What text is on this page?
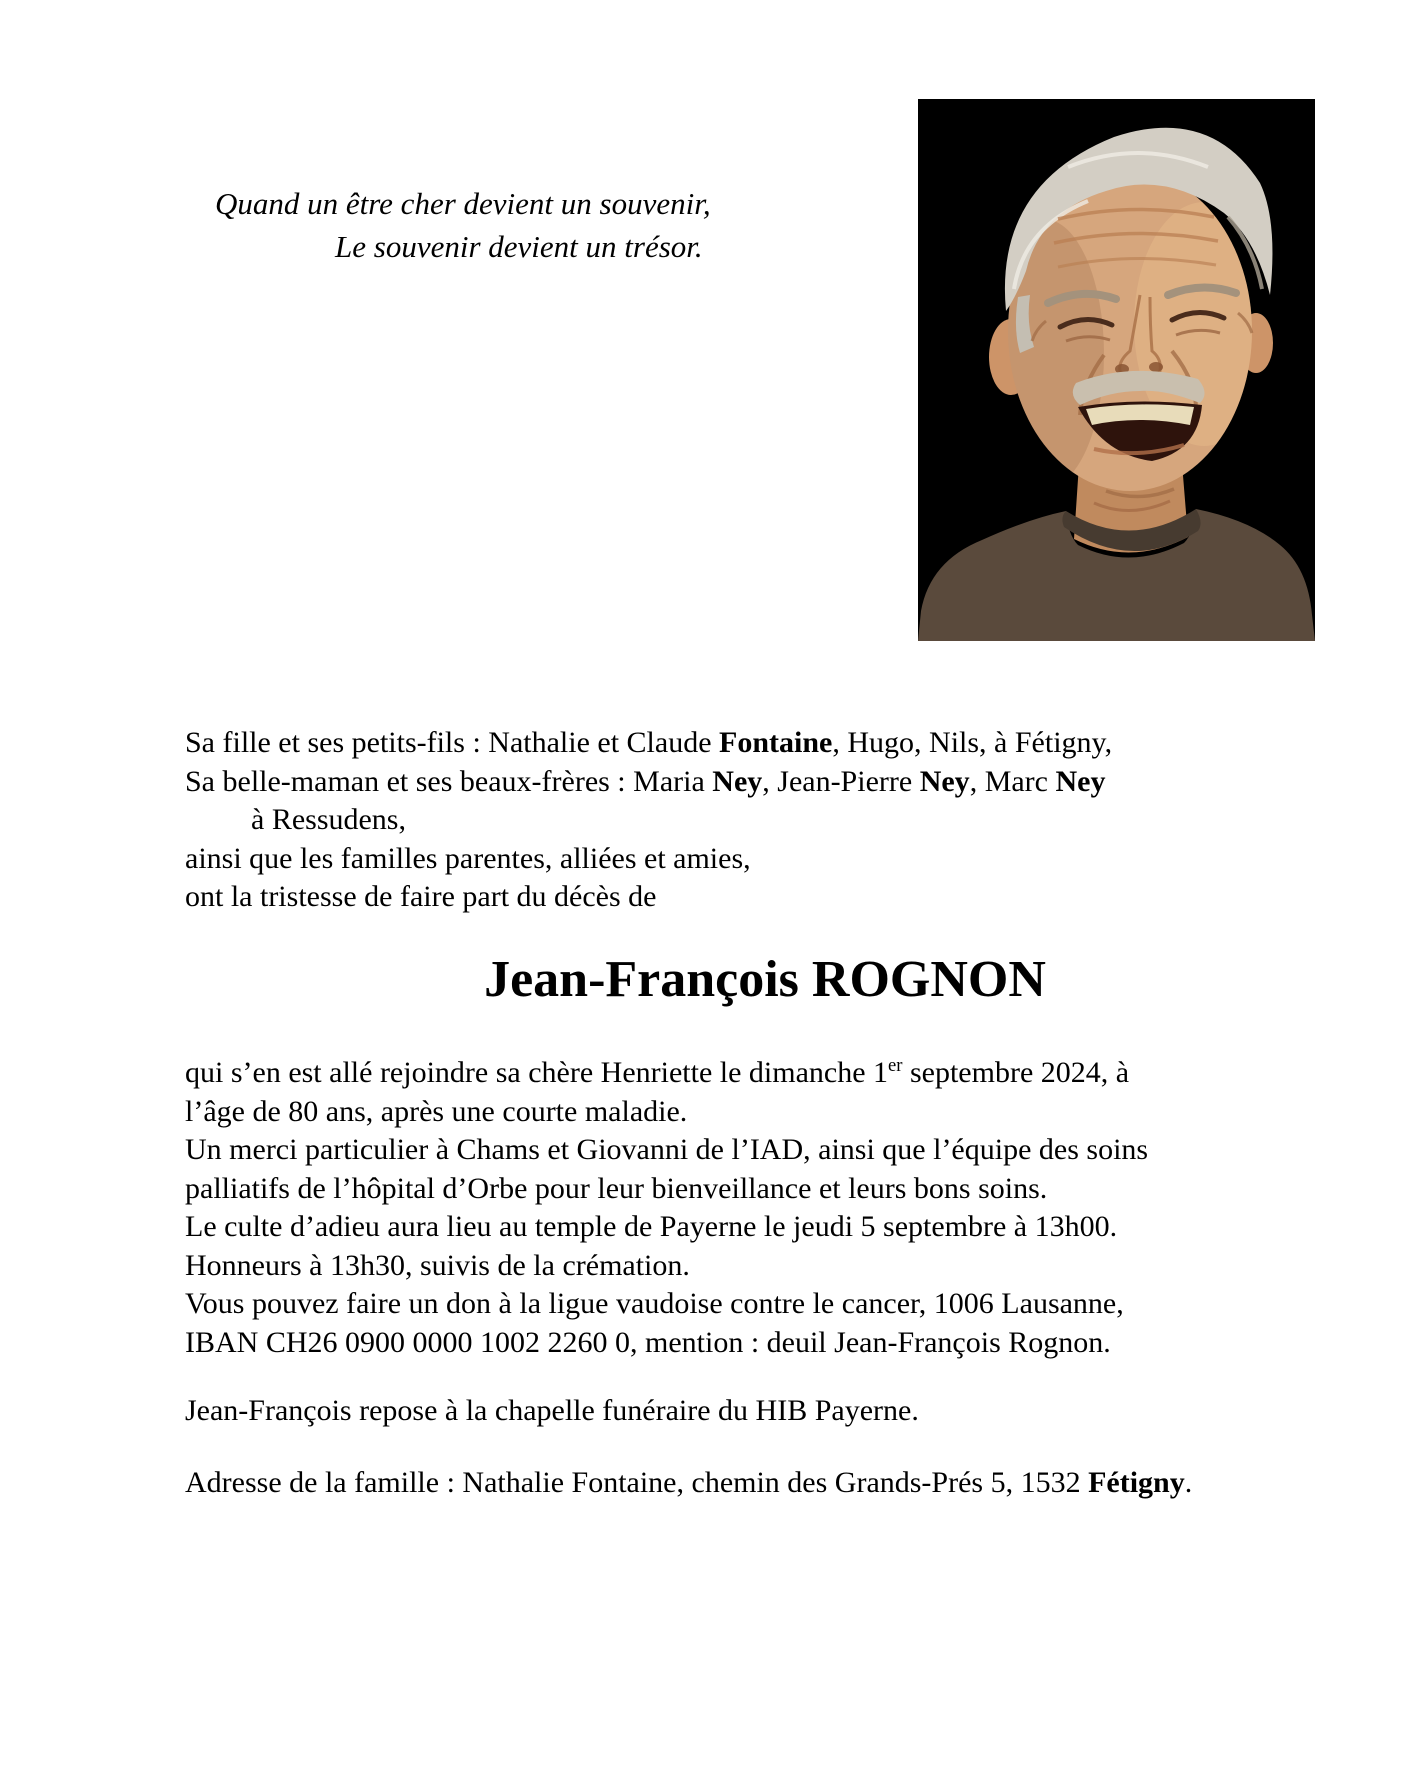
Quand un être cher devient un souvenir,
Le souvenir devient un trésor.
Sa fille et ses petits-fils : Nathalie et Claude Fontaine, Hugo, Nils, à Fétigny,
Sa belle-maman et ses beaux-frères : Maria Ney, Jean-Pierre Ney, Marc Ney
à Ressudens,
ainsi que les familles parentes, alliées et amies,
ont la tristesse de faire part du décès de
Jean-François ROGNON
qui s’en est allé rejoindre sa chère Henriette le dimanche 1er septembre 2024, à
l’âge de 80 ans, après une courte maladie.
Un merci particulier à Chams et Giovanni de l’IAD, ainsi que l’équipe des soins
palliatifs de l’hôpital d’Orbe pour leur bienveillance et leurs bons soins.
Le culte d’adieu aura lieu au temple de Payerne le jeudi 5 septembre à 13h00.
Honneurs à 13h30, suivis de la crémation.
Vous pouvez faire un don à la ligue vaudoise contre le cancer, 1006 Lausanne,
IBAN CH26 0900 0000 1002 2260 0, mention : deuil Jean-François Rognon.
Jean-François repose à la chapelle funéraire du HIB Payerne.
Adresse de la famille : Nathalie Fontaine, chemin des Grands-Prés 5, 1532 Fétigny.
